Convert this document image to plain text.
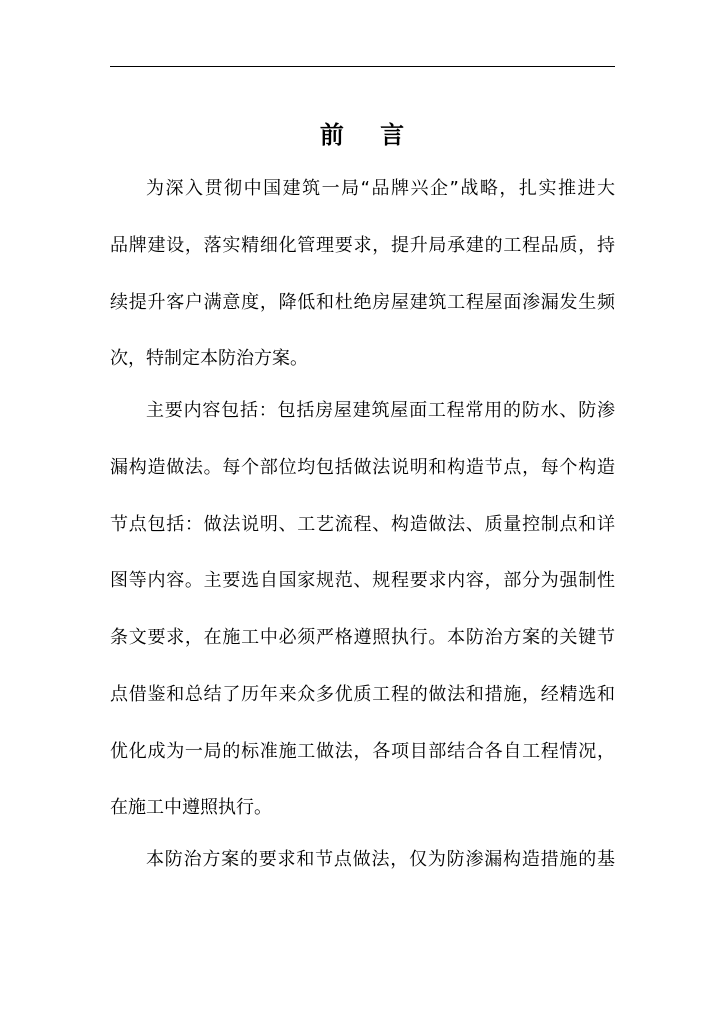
前 言
为深入贯彻中国建筑一局“品牌兴企”战略，扎实推进大
品牌建设，落实精细化管理要求，提升局承建的工程品质，持
续提升客户满意度，降低和杜绝房屋建筑工程屋面渗漏发生频
次，特制定本防治方案。
主要内容包括：包括房屋建筑屋面工程常用的防水、防渗
漏构造做法。每个部位均包括做法说明和构造节点，每个构造
节点包括：做法说明、工艺流程、构造做法、质量控制点和详
图等内容。主要选自国家规范、规程要求内容，部分为强制性
条文要求，在施工中必须严格遵照执行。本防治方案的关键节
点借鉴和总结了历年来众多优质工程的做法和措施，经精选和
优化成为一局的标准施工做法，各项目部结合各自工程情况，
在施工中遵照执行。
本防治方案的要求和节点做法，仅为防渗漏构造措施的基
